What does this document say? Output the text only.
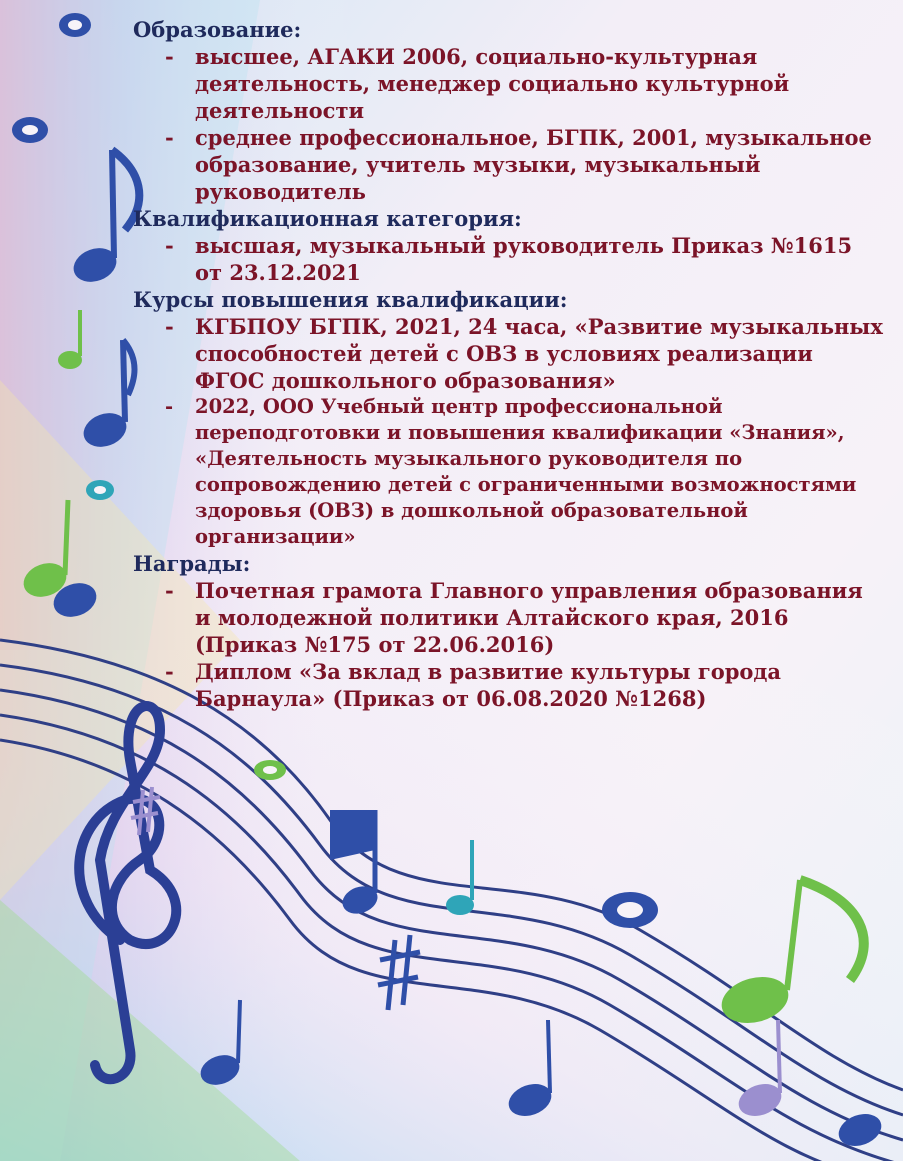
Образование:

- высшее, АГАКИ 2006, социально-культурная деятельность, менеджер социально культурной деятельности
- среднее профессиональное, БГПК, 2001, музыкальное образование, учитель музыки, музыкальный руководитель

Квалификационная категория:

- высшая, музыкальный руководитель Приказ №1615 от 23.12.2021

Курсы повышения квалификации:

- КГБПОУ БГПК, 2021, 24 часа, «Развитие музыкальных способностей детей с ОВЗ в условиях реализации ФГОС дошкольного образования»
- 2022, ООО Учебный центр профессиональной переподготовки и повышения квалификации «Знания», «Деятельность музыкального руководителя по сопровождению детей с ограниченными возможностями здоровья (ОВЗ) в дошкольной образовательной организации»

Награды:

- Почетная грамота Главного управления образования и молодежной политики Алтайского края, 2016 (Приказ №175 от 22.06.2016)
- Диплом «За вклад в развитие культуры города Барнаула» (Приказ от 06.08.2020 №1268)
